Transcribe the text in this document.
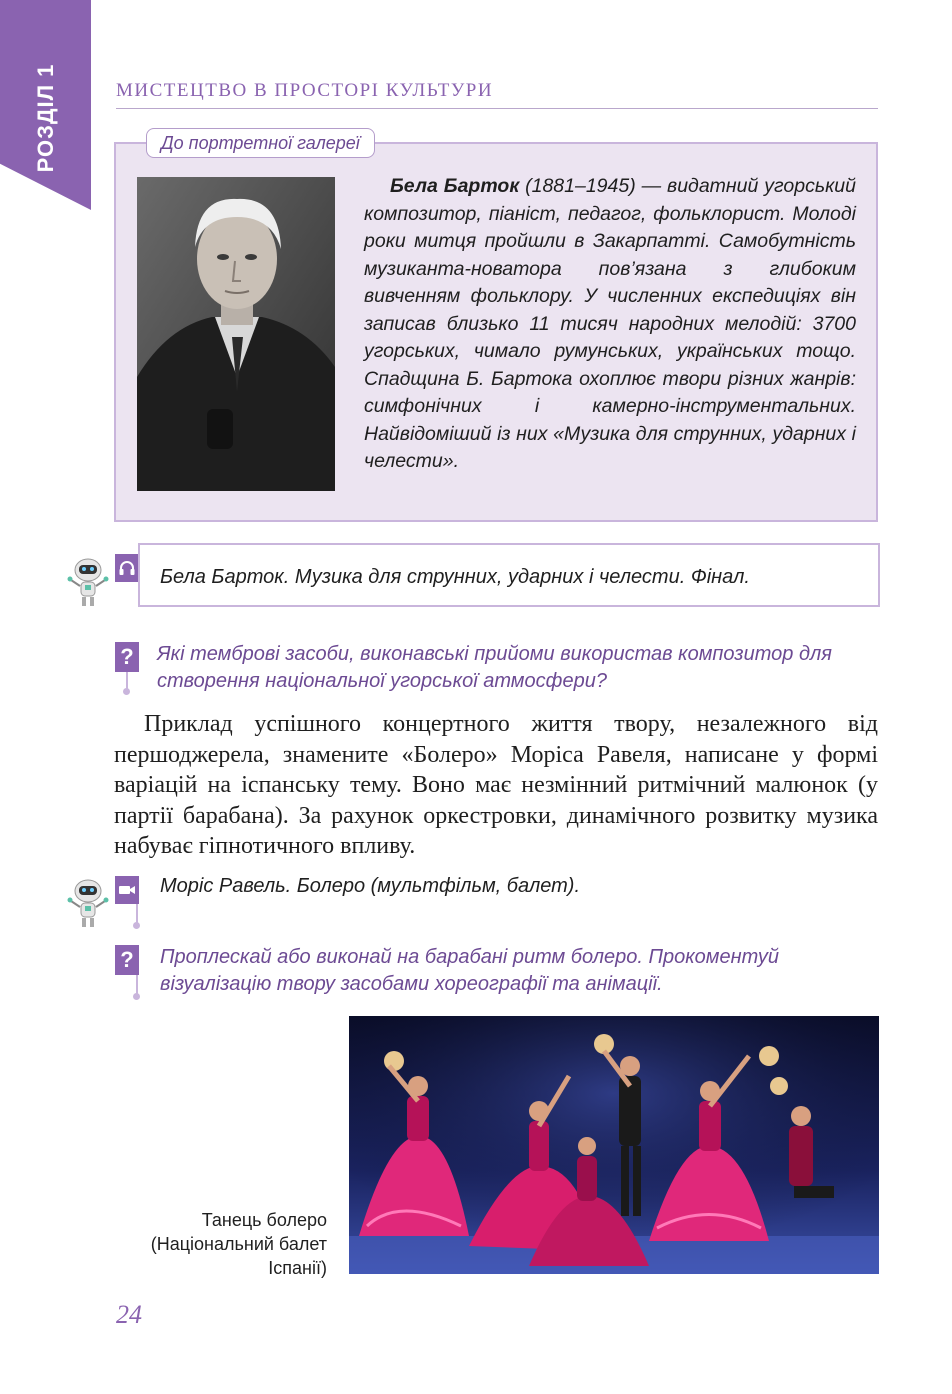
РОЗДІЛ 1	МИСТЕЦТВО В ПРОСТОРІ КУЛЬТУРИ
До портретної галереї
Бела Барток (1881–1945) — видатний угорський композитор, піаніст, педагог, фольклорист. Молоді роки митця пройшли в Закарпатті. Самобутність музиканта-новатора пов’язана з глибоким вивченням фольклору. У численних експедиціях він записав близько 11 тисяч народних мелодій: 3700 угорських, чимало румунських, українських тощо. Спадщина Б. Бартока охоплює твори різних жанрів: симфонічних і камерно-інструментальних. Найвідоміший із них «Музика для струнних, ударних і челести».
Бела Барток. Музика для струнних, ударних і челести. Фінал.
? Які темброві засоби, виконавські прийоми використав композитор для створення національної угорської атмосфери?
Приклад успішного концертного життя твору, незалежного від першоджерела, знамените «Болеро» Моріса Равеля, написане у формі варіацій на іспанську тему. Воно має незмінний ритмічний малюнок (у партії барабана). За рахунок оркестровки, динамічного розвитку музика набуває гіпнотичного впливу.
Моріс Равель. Болеро (мультфільм, балет).
? Проплескай або виконай на барабані ритм болеро. Прокоментуй візуалізацію твору засобами хореографії та анімації.
Танець болеро
(Національний балет
Іспанії)
24
